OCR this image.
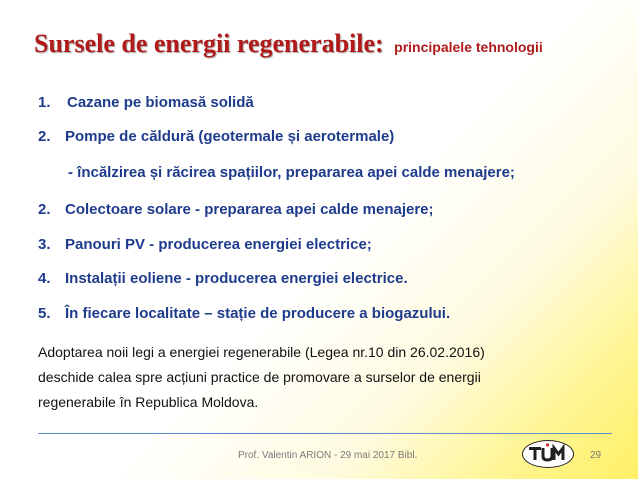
Sursele de energii regenerabile: principalele tehnologii
1. Cazane pe biomasă solidă
2. Pompe de căldură (geotermale și aerotermale)
- încălzirea și răcirea spațiilor, prepararea apei calde menajere;
2. Colectoare solare - prepararea apei calde menajere;
3. Panouri PV - producerea energiei electrice;
4. Instalații eoliene - producerea energiei electrice.
5. În fiecare localitate – stație de producere a biogazului.
Adoptarea noii legi a energiei regenerabile (Legea nr.10 din 26.02.2016)
deschide calea spre acțiuni practice de promovare a surselor de energii
regenerabile în Republica Moldova.
Prof. Valentin ARION - 29 mai 2017 Bibl.	29
